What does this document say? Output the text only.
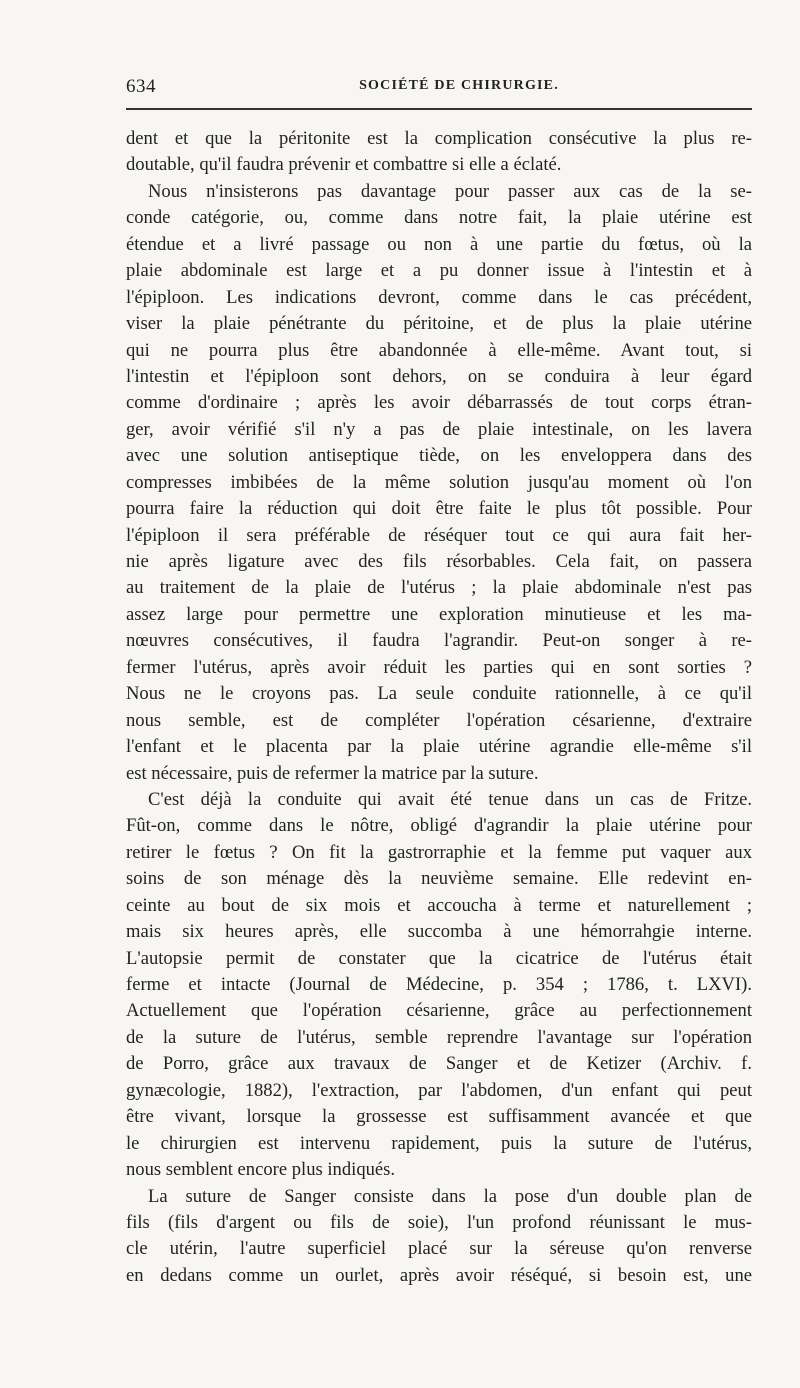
634	SOCIÉTÉ DE CHIRURGIE.
dent et que la péritonite est la complication consécutive la plus re-
doutable, qu'il faudra prévenir et combattre si elle a éclaté.
Nous n'insisterons pas davantage pour passer aux cas de la se-
conde catégorie, ou, comme dans notre fait, la plaie utérine est
étendue et a livré passage ou non à une partie du fœtus, où la
plaie abdominale est large et a pu donner issue à l'intestin et à
l'épiploon. Les indications devront, comme dans le cas précédent,
viser la plaie pénétrante du péritoine, et de plus la plaie utérine
qui ne pourra plus être abandonnée à elle-même. Avant tout, si
l'intestin et l'épiploon sont dehors, on se conduira à leur égard
comme d'ordinaire ; après les avoir débarrassés de tout corps étran-
ger, avoir vérifié s'il n'y a pas de plaie intestinale, on les lavera
avec une solution antiseptique tiède, on les enveloppera dans des
compresses imbibées de la même solution jusqu'au moment où l'on
pourra faire la réduction qui doit être faite le plus tôt possible. Pour
l'épiploon il sera préférable de réséquer tout ce qui aura fait her-
nie après ligature avec des fils résorbables. Cela fait, on passera
au traitement de la plaie de l'utérus ; la plaie abdominale n'est pas
assez large pour permettre une exploration minutieuse et les ma-
nœuvres consécutives, il faudra l'agrandir. Peut-on songer à re-
fermer l'utérus, après avoir réduit les parties qui en sont sorties ?
Nous ne le croyons pas. La seule conduite rationnelle, à ce qu'il
nous semble, est de compléter l'opération césarienne, d'extraire
l'enfant et le placenta par la plaie utérine agrandie elle-même s'il
est nécessaire, puis de refermer la matrice par la suture.
C'est déjà la conduite qui avait été tenue dans un cas de Fritze.
Fût-on, comme dans le nôtre, obligé d'agrandir la plaie utérine pour
retirer le fœtus ? On fit la gastrorraphie et la femme put vaquer aux
soins de son ménage dès la neuvième semaine. Elle redevint en-
ceinte au bout de six mois et accoucha à terme et naturellement ;
mais six heures après, elle succomba à une hémorrahgie interne.
L'autopsie permit de constater que la cicatrice de l'utérus était
ferme et intacte (Journal de Médecine, p. 354 ; 1786, t. LXVI).
Actuellement que l'opération césarienne, grâce au perfectionnement
de la suture de l'utérus, semble reprendre l'avantage sur l'opération
de Porro, grâce aux travaux de Sanger et de Ketizer (Archiv. f.
gynæcologie, 1882), l'extraction, par l'abdomen, d'un enfant qui peut
être vivant, lorsque la grossesse est suffisamment avancée et que
le chirurgien est intervenu rapidement, puis la suture de l'utérus,
nous semblent encore plus indiqués.
La suture de Sanger consiste dans la pose d'un double plan de
fils (fils d'argent ou fils de soie), l'un profond réunissant le mus-
cle utérin, l'autre superficiel placé sur la séreuse qu'on renverse
en dedans comme un ourlet, après avoir réséqué, si besoin est, une
